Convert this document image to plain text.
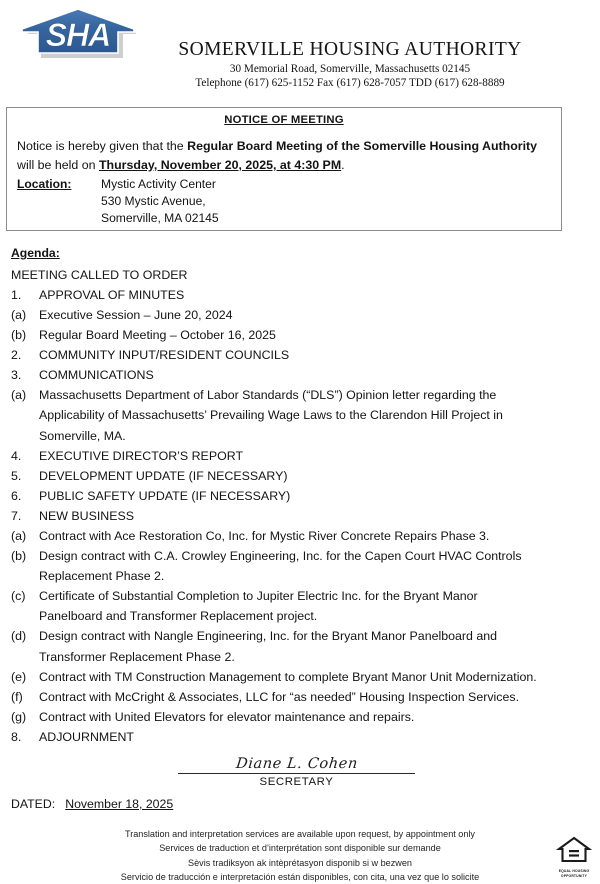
SHA	SOMERVILLE HOUSING AUTHORITY
30 Memorial Road, Somerville, Massachusetts 02145
Telephone (617) 625-1152 Fax (617) 628-7057 TDD (617) 628-8889
NOTICE OF MEETING
Notice is hereby given that the Regular Board Meeting of the Somerville Housing Authority will be held on Thursday, November 20, 2025, at 4:30 PM.
Location:	Mystic Activity Center
530 Mystic Avenue,
Somerville, MA 02145
Agenda:
MEETING CALLED TO ORDER
1.	APPROVAL OF MINUTES
(a)	Executive Session – June 20, 2024
(b)	Regular Board Meeting – October 16, 2025
2.	COMMUNITY INPUT/RESIDENT COUNCILS
3.	COMMUNICATIONS
(a)	Massachusetts Department of Labor Standards (“DLS”) Opinion letter regarding the Applicability of Massachusetts’ Prevailing Wage Laws to the Clarendon Hill Project in Somerville, MA.
4.	EXECUTIVE DIRECTOR’S REPORT
5.	DEVELOPMENT UPDATE (IF NECESSARY)
6.	PUBLIC SAFETY UPDATE (IF NECESSARY)
7.	NEW BUSINESS
(a)	Contract with Ace Restoration Co, Inc. for Mystic River Concrete Repairs Phase 3.
(b)	Design contract with C.A. Crowley Engineering, Inc. for the Capen Court HVAC Controls Replacement Phase 2.
(c)	Certificate of Substantial Completion to Jupiter Electric Inc. for the Bryant Manor Panelboard and Transformer Replacement project.
(d)	Design contract with Nangle Engineering, Inc. for the Bryant Manor Panelboard and Transformer Replacement Phase 2.
(e)	Contract with TM Construction Management to complete Bryant Manor Unit Modernization.
(f)	Contract with McCright & Associates, LLC for “as needed” Housing Inspection Services.
(g)	Contract with United Elevators for elevator maintenance and repairs.
8.	ADJOURNMENT
Diane L. Cohen
SECRETARY
DATED: November 18, 2025
Translation and interpretation services are available upon request, by appointment only
Services de traduction et d’interprétation sont disponible sur demande
Sèvis tradiksyon ak intèprétasyon disponib si w bezwen
Servicio de traducción e interpretación están disponibles, con cita, una vez que lo solicite
EQUAL HOUSING
OPPORTUNITY
